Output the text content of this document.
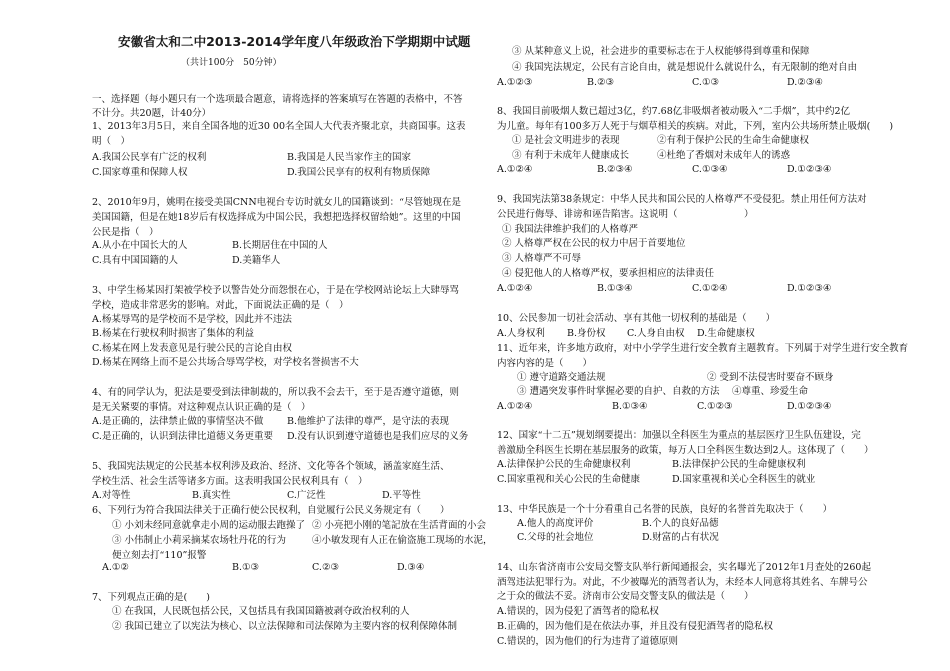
安徽省太和二中2013-2014学年度八年级政治下学期期中试题
（共计100分　50分钟）
一、选择题（每小题只有一个选项最合题意，请将选择的答案填写在答题的表格中，不答
不计分。共20题，计40分）
1、2013年3月5日，来自全国各地的近30 00名全国人大代表齐聚北京，共商国事。这表
明（　）
A.我国公民享有广泛的权利	B.我国是人民当家作主的国家
C.国家尊重和保障人权	D.我国公民享有的权利有物质保障
2、2010年9月，姚明在接受美国CNN电视台专访时就女儿的国籍谈到：“尽管她现在是
美国国籍，但是在她18岁后有权选择成为中国公民，我想把选择权留给她”。这里的中国
公民是指（　）
A.从小在中国长大的人	B.长期居住在中国的人
C.具有中国国籍的人	D.美籍华人
3、中学生杨某因打架被学校予以警告处分而怨恨在心，于是在学校网站论坛上大肆辱骂
学校，造成非常恶劣的影响。对此，下面说法正确的是（　）
A.杨某辱骂的是学校而不是学校，因此并不违法
B.杨某在行驶权利时损害了集体的利益
C.杨某在网上发表意见是行驶公民的言论自由权
D.杨某在网络上而不是公共场合辱骂学校，对学校名誉损害不大
4、有的同学认为，犯法是要受到法律制裁的，所以我不会去干，至于是否遵守道德，则
是无关紧要的事情。对这种观点认识正确的是（　）
A.是正确的，法律禁止做的事情坚决不做 B.他维护了法律的尊严，是守法的表现
C.是正确的，认识到法律比道德义务更重要 D.没有认识到遵守道德也是我们应尽的义务
5、我国宪法规定的公民基本权利涉及政治、经济、文化等各个领域，涵盖家庭生活、
学校生活、社会生活等诸多方面。这表明我国公民权利具有（　）
A.对等性	B.真实性	C.广泛性	D.平等性
6、下列行为符合我国法律关于正确行使公民权利，自觉履行公民义务规定有（　　）
① 小刘未经同意就拿走小周的运动服去跑操了 ② 小亮把小刚的笔記放在生活背面的小会
③ 小伟制止小莉采摘某农场牡丹花的行为	④小敏发现有人正在偷盗施工现场的水泥，
便立刻去打“110”报警
A.①②	B.①③	C.②③	D.③④
7、下列观点正确的是(　　)
① 在我国，人民既包括公民，又包括具有我国国籍被剥夺政治权利的人
② 我国已建立了以宪法为核心、以立法保障和司法保障为主要内容的权利保障体制
③ 从某种意义上说，社会进步的重要标志在于人权能够得到尊重和保障
④ 我国宪法规定，公民有言论自由，就是想说什么就说什么，有无限制的绝对自由
A.①②③	B.②③	C.①③	D.②③④
8、我国目前吸烟人数已超过3亿，约7.68亿非吸烟者被动吸入“二手烟”，其中约2亿
为儿童。每年有100多万人死于与烟草相关的疾病。对此，下列，室内公共场所禁止吸烟(　　)
① 是社会文明进步的表现	②有利于保护公民的生命生命健康权
③ 有利于未成年人健康成长	④杜绝了香烟对未成年人的诱惑
A.①②④	B.②③④	C.①③④	D.①②③④
9、我国宪法第38条规定：中华人民共和国公民的人格尊严不受侵犯。禁止用任何方法对
公民进行侮辱、诽谤和诬告陷害。这说明（　　　　　　　）
① 我国法律维护我们的人格尊严
② 人格尊严权在公民的权力中居于首要地位
③ 人格尊严不可辱
④ 侵犯他人的人格尊严权，要承担相应的法律责任
A.①②④	B.①③④	C.①②④	D.①②③④
10、公民参加一切社会活动、享有其他一切权利的基础是（　　）
A.人身权利 B.身份权 C.人身自由权 D.生命健康权
11、近年来，许多地方政府，对中小学学生进行安全教育主题教育。下列属于对学生进行安全教育
内容内容的是（　　）
① 遵守道路交通法规	② 受到不法侵害时要奋不顾身
③ 遭遇突发事件时掌握必要的自护、自救的方法 ④尊重、珍爱生命
A.①②④	B.①③④	C.①②③	D.①②③④
12、国家“十二五”规划纲要提出：加强以全科医生为重点的基层医疗卫生队伍建设，完
善激励全科医生长期在基层服务的政策，每万人口全科医生数达到2人。这体现了（　　）
A.法律保护公民的生命健康权利	B.法律保护公民的生命健康权利
C.国家重视和关心公民的生命健康	D.国家重视和关心全科医生的就业
13、中华民族是一个十分看重自己名誉的民族，良好的名誉首先取决于（　　）
A.他人的高度评价	B.个人的良好品德
C.父母的社会地位	D.财富的占有状况
14、山东省济南市公安局交警支队举行新闻通报会，实名曝光了2012年1月查处的260起
酒驾违法犯罪行为。对此，不少被曝光的酒驾者认为，未经本人同意将其姓名、车牌号公
之于众的做法不妥。济南市公安局交警支队的做法是（　　）
A.错误的，因为侵犯了酒驾者的隐私权
B.正确的，因为他们是在依法办事，并且没有侵犯酒驾者的隐私权
C.错误的，因为他们的行为违背了道德原则
